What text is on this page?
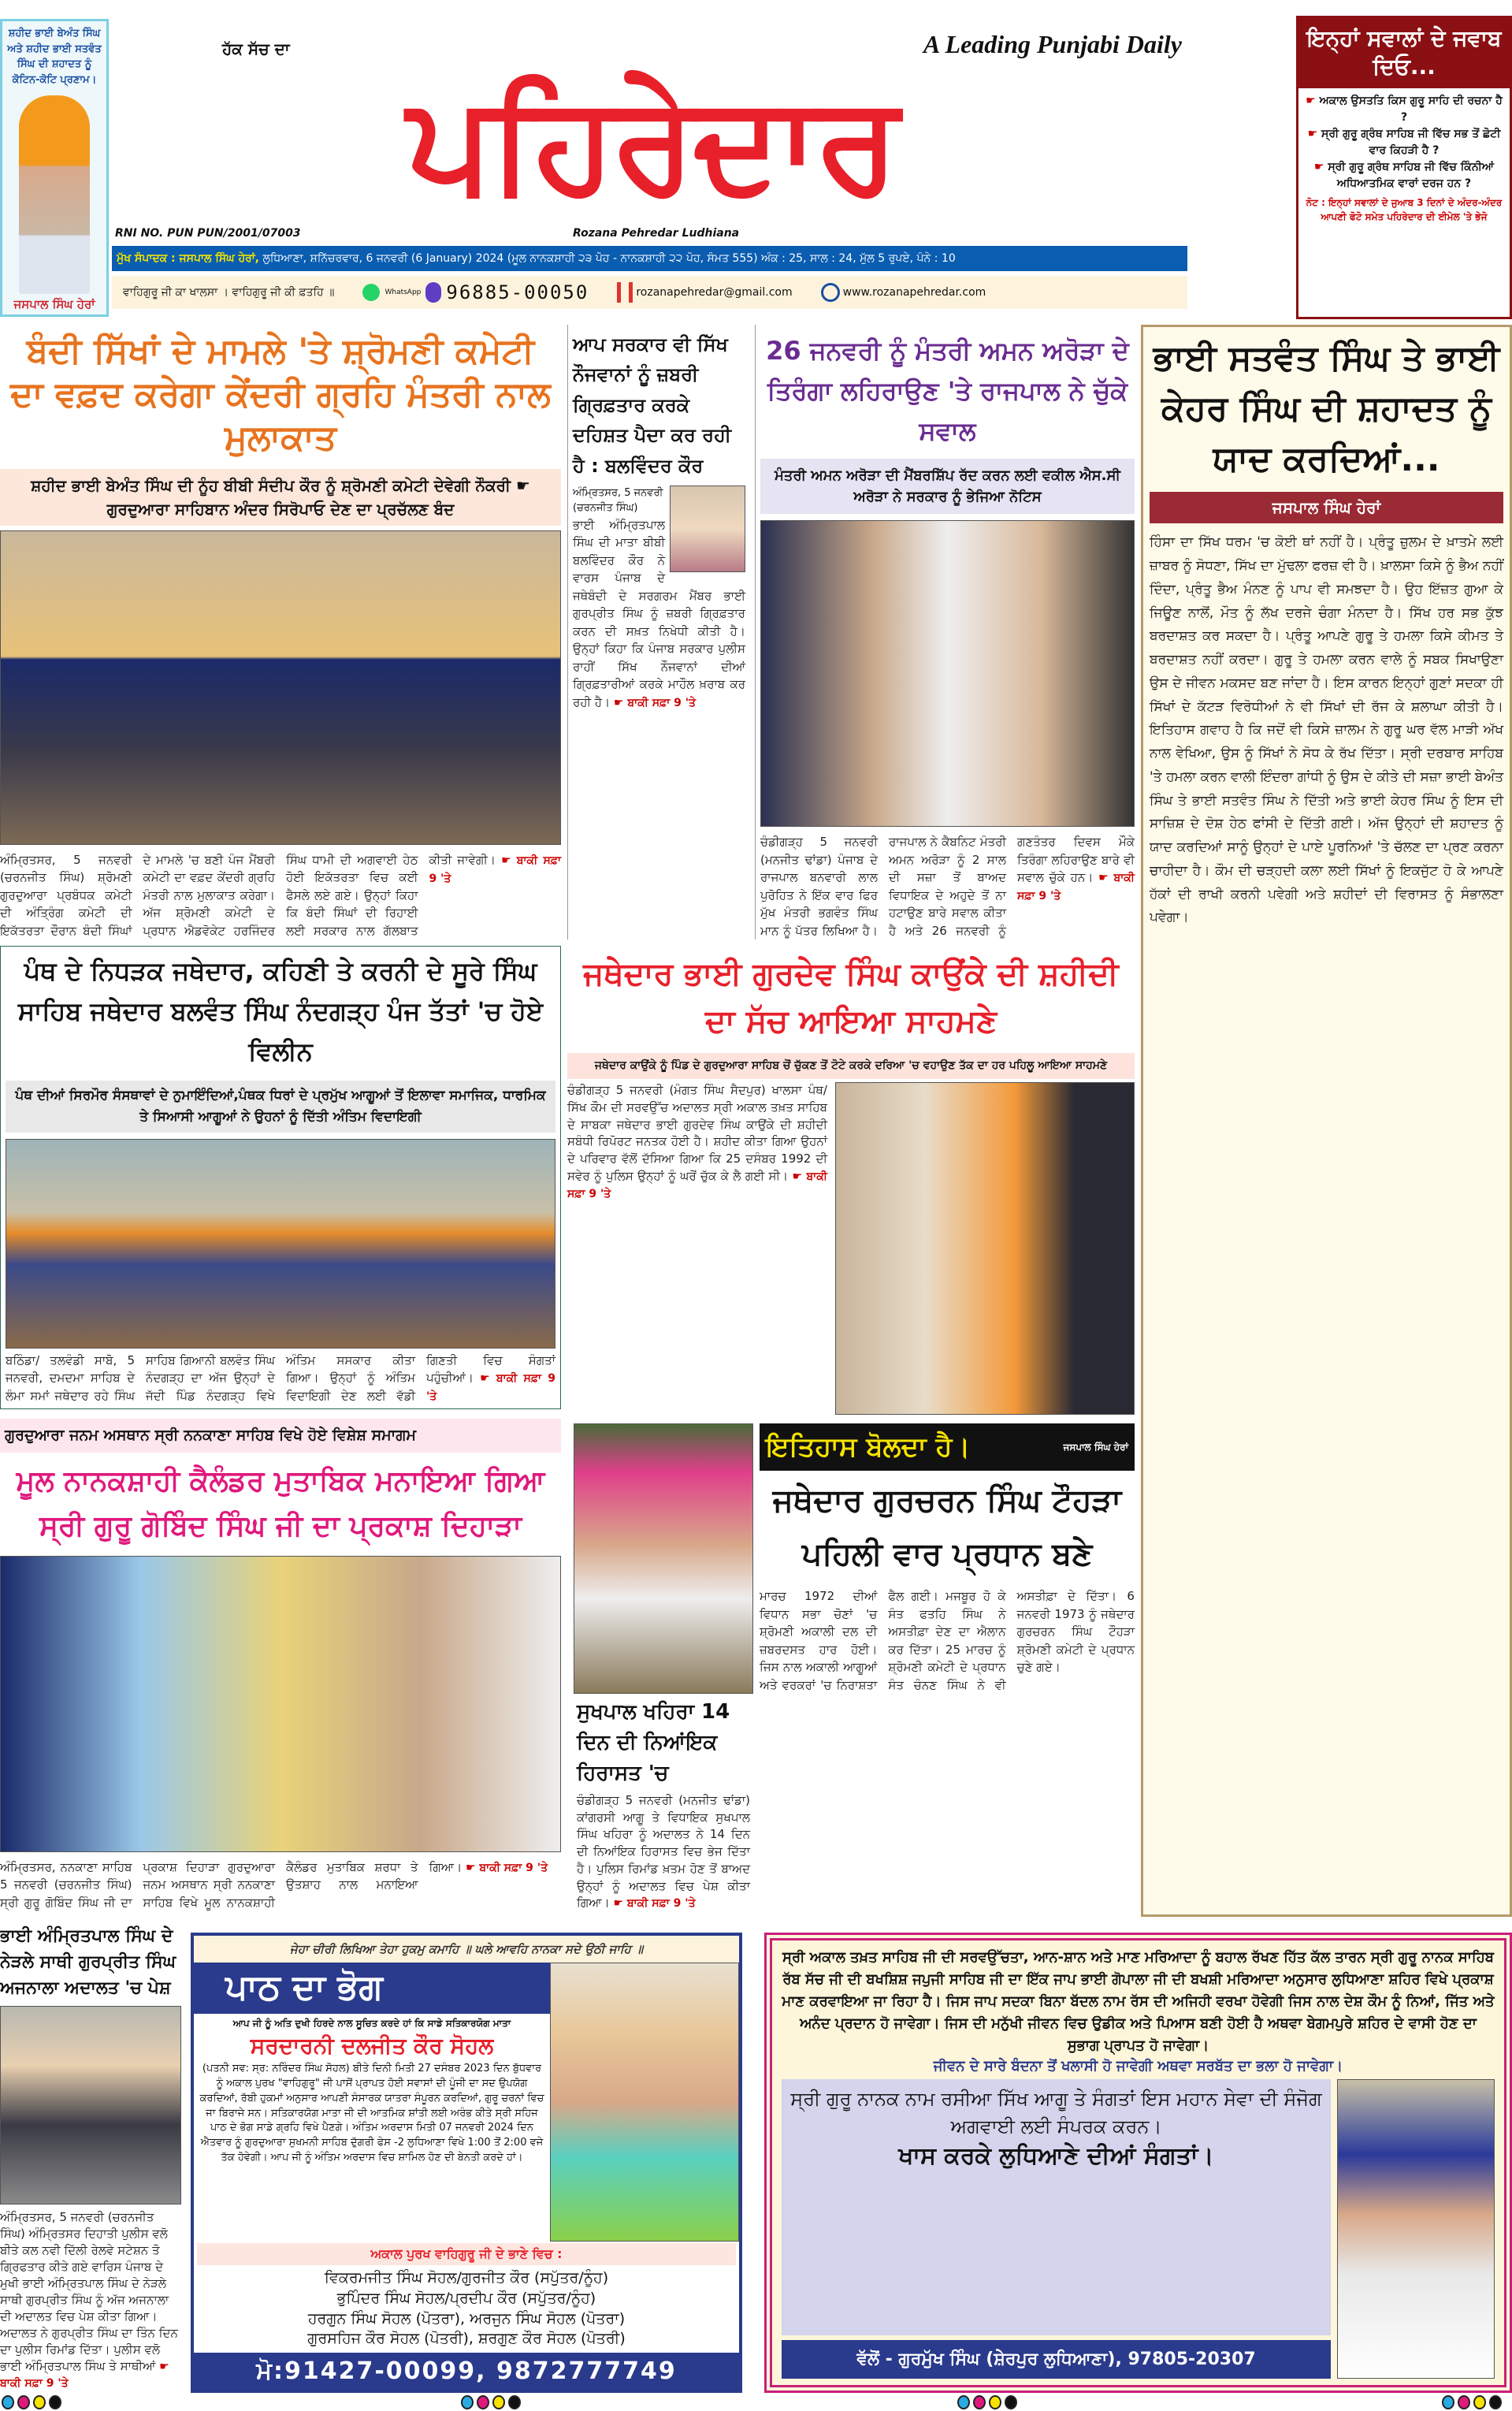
ਸ਼ਹੀਦ ਭਾਈ ਬੇਅੰਤ ਸਿੰਘ ਅਤੇ ਸ਼ਹੀਦ ਭਾਈ ਸਤਵੰਤ ਸਿੰਘ ਦੀ ਸ਼ਹਾਦਤ ਨੂੰ ਕੋਟਿਨ-ਕੋਟਿ ਪ੍ਰਣਾਮ।
ਜਸਪਾਲ ਸਿੰਘ ਹੇਰਾਂ
ਹੱਕ ਸੱਚ ਦਾ	A Leading Punjabi Daily
ਪਹਿਰੇਦਾਰ
RNI NO. PUN PUN/2001/07003	Rozana Pehredar Ludhiana
ਮੁੱਖ ਸੰਪਾਦਕ : ਜਸਪਾਲ ਸਿੰਘ ਹੇਰਾਂ, ਲੁਧਿਆਣਾ, ਸ਼ਨਿੱਚਰਵਾਰ, 6 ਜਨਵਰੀ (6 January) 2024 (ਮੂਲ ਨਾਨਕਸ਼ਾਹੀ ੨੩ ਪੋਹ - ਨਾਨਕਸ਼ਾਹੀ ੨੨ ਪੋਹ, ਸੰਮਤ 555) ਅੰਕ : 25, ਸਾਲ : 24, ਮੁੱਲ 5 ਰੁਪਏ, ਪੰਨੇ : 10
ਵਾਹਿਗੁਰੂ ਜੀ ਕਾ ਖਾਲਸਾ । ਵਾਹਿਗੁਰੂ ਜੀ ਕੀ ਫ਼ਤਹਿ ॥	WhatsApp 96885-00050	rozanapehredar@gmail.com	www.rozanapehredar.com
ਇਨ੍ਹਾਂ ਸਵਾਲਾਂ ਦੇ ਜਵਾਬ ਦਿਓ...
☛ ਅਕਾਲ ਉਸਤਤਿ ਕਿਸ ਗੁਰੂ ਸਾਹਿ ਦੀ ਰਚਨਾ ਹੈ ?
☛ ਸ੍ਰੀ ਗੁਰੂ ਗ੍ਰੰਥ ਸਾਹਿਬ ਜੀ ਵਿੱਚ ਸਭ ਤੋਂ ਛੋਟੀ ਵਾਰ ਕਿਹੜੀ ਹੈ ?
☛ ਸ੍ਰੀ ਗੁਰੂ ਗ੍ਰੰਥ ਸਾਹਿਬ ਜੀ ਵਿੱਚ ਕਿੰਨੀਆਂ ਅਧਿਆਤਮਿਕ ਵਾਰਾਂ ਦਰਜ ਹਨ ?
ਨੋਟ : ਇਨ੍ਹਾਂ ਸਵਾਲਾਂ ਦੇ ਜੁਆਬ 3 ਦਿਨਾਂ ਦੇ ਅੰਦਰ-ਅੰਦਰ ਆਪਣੀ ਫੋਟੋ ਸਮੇਤ ਪਹਿਰੇਦਾਰ ਦੀ ਈਮੇਲ 'ਤੇ ਭੇਜੋ
ਬੰਦੀ ਸਿੱਖਾਂ ਦੇ ਮਾਮਲੇ 'ਤੇ ਸ਼੍ਰੋਮਣੀ ਕਮੇਟੀ ਦਾ ਵਫ਼ਦ ਕਰੇਗਾ ਕੇਂਦਰੀ ਗ੍ਰਹਿ ਮੰਤਰੀ ਨਾਲ ਮੁਲਾਕਾਤ
ਸ਼ਹੀਦ ਭਾਈ ਬੇਅੰਤ ਸਿੰਘ ਦੀ ਨੂੰਹ ਬੀਬੀ ਸੰਦੀਪ ਕੌਰ ਨੂੰ ਸ਼੍ਰੋਮਣੀ ਕਮੇਟੀ ਦੇਵੇਗੀ ਨੌਕਰੀ ☛ ਗੁਰਦੁਆਰਾ ਸਾਹਿਬਾਨ ਅੰਦਰ ਸਿਰੋਪਾਓ ਦੇਣ ਦਾ ਪ੍ਰਚੱਲਣ ਬੰਦ
ਅੰਮ੍ਰਿਤਸਰ, 5 ਜਨਵਰੀ (ਚਰਨਜੀਤ ਸਿੰਘ) ਸ਼੍ਰੋਮਣੀ ਗੁਰਦੁਆਰਾ ਪ੍ਰਬੰਧਕ ਕਮੇਟੀ ਦੀ ਅੰਤ੍ਰਿੰਗ ਕਮੇਟੀ ਦੀ ਇਕੱਤਰਤਾ ਦੌਰਾਨ ਬੰਦੀ ਸਿੰਘਾਂ ਦੇ ਮਾਮਲੇ 'ਚ ਬਣੀ ਪੰਜ ਮੈਂਬਰੀ ਕਮੇਟੀ ਦਾ ਵਫ਼ਦ ਕੇਂਦਰੀ ਗ੍ਰਹਿ ਮੰਤਰੀ ਨਾਲ ਮੁਲਾਕਾਤ ਕਰੇਗਾ। ਅੱਜ ਸ਼੍ਰੋਮਣੀ ਕਮੇਟੀ ਦੇ ਪ੍ਰਧਾਨ ਐਡਵੋਕੇਟ ਹਰਜਿੰਦਰ ਸਿੰਘ ਧਾਮੀ ਦੀ ਅਗਵਾਈ ਹੇਠ ਹੋਈ ਇਕੱਤਰਤਾ ਵਿਚ ਕਈ ਫੈਸਲੇ ਲਏ ਗਏ। ਉਨ੍ਹਾਂ ਕਿਹਾ ਕਿ ਬੰਦੀ ਸਿੰਘਾਂ ਦੀ ਰਿਹਾਈ ਲਈ ਸਰਕਾਰ ਨਾਲ ਗੱਲਬਾਤ ਕੀਤੀ ਜਾਵੇਗੀ। ☛ ਬਾਕੀ ਸਫ਼ਾ 9 'ਤੇ
ਆਪ ਸਰਕਾਰ ਵੀ ਸਿੱਖ ਨੌਜਵਾਨਾਂ ਨੂੰ ਜ਼ਬਰੀ ਗ੍ਰਿਫ਼ਤਾਰ ਕਰਕੇ ਦਹਿਸ਼ਤ ਪੈਦਾ ਕਰ ਰਹੀ ਹੈ : ਬਲਵਿੰਦਰ ਕੌਰ
ਅੰਮ੍ਰਿਤਸਰ, 5 ਜਨਵਰੀ (ਚਰਨਜੀਤ ਸਿੰਘ)
ਭਾਈ ਅੰਮ੍ਰਿਤਪਾਲ ਸਿੰਘ ਦੀ ਮਾਤਾ ਬੀਬੀ ਬਲਵਿੰਦਰ ਕੌਰ ਨੇ ਵਾਰਸ ਪੰਜਾਬ ਦੇ ਜਥੇਬੰਦੀ ਦੇ ਸਰਗਰਮ ਮੈਂਬਰ ਭਾਈ ਗੁਰਪ੍ਰੀਤ ਸਿੰਘ ਨੂੰ ਜ਼ਬਰੀ ਗ੍ਰਿਫ਼ਤਾਰ ਕਰਨ ਦੀ ਸਖ਼ਤ ਨਿਖੇਧੀ ਕੀਤੀ ਹੈ। ਉਨ੍ਹਾਂ ਕਿਹਾ ਕਿ ਪੰਜਾਬ ਸਰਕਾਰ ਪੁਲੀਸ ਰਾਹੀਂ ਸਿੱਖ ਨੌਜਵਾਨਾਂ ਦੀਆਂ ਗ੍ਰਿਫ਼ਤਾਰੀਆਂ ਕਰਕੇ ਮਾਹੌਲ ਖ਼ਰਾਬ ਕਰ ਰਹੀ ਹੈ। ☛ ਬਾਕੀ ਸਫ਼ਾ 9 'ਤੇ
26 ਜਨਵਰੀ ਨੂੰ ਮੰਤਰੀ ਅਮਨ ਅਰੋੜਾ ਦੇ ਤਿਰੰਗਾ ਲਹਿਰਾਉਣ 'ਤੇ ਰਾਜਪਾਲ ਨੇ ਚੁੱਕੇ ਸਵਾਲ
ਮੰਤਰੀ ਅਮਨ ਅਰੋੜਾ ਦੀ ਮੈਂਬਰਸ਼ਿੱਪ ਰੱਦ ਕਰਨ ਲਈ ਵਕੀਲ ਐਸ.ਸੀ ਅਰੋੜਾ ਨੇ ਸਰਕਾਰ ਨੂੰ ਭੇਜਿਆ ਨੋਟਿਸ
ਚੰਡੀਗੜ੍ਹ 5 ਜਨਵਰੀ (ਮਨਜੀਤ ਢਾਂਡਾ) ਪੰਜਾਬ ਦੇ ਰਾਜਪਾਲ ਬਨਵਾਰੀ ਲਾਲ ਪੁਰੋਹਿਤ ਨੇ ਇੱਕ ਵਾਰ ਫਿਰ ਮੁੱਖ ਮੰਤਰੀ ਭਗਵੰਤ ਸਿੰਘ ਮਾਨ ਨੂੰ ਪੱਤਰ ਲਿਖਿਆ ਹੈ। ਰਾਜਪਾਲ ਨੇ ਕੈਬਨਿਟ ਮੰਤਰੀ ਅਮਨ ਅਰੋੜਾ ਨੂੰ 2 ਸਾਲ ਦੀ ਸਜ਼ਾ ਤੋਂ ਬਾਅਦ ਵਿਧਾਇਕ ਦੇ ਅਹੁਦੇ ਤੋਂ ਨਾ ਹਟਾਉਣ ਬਾਰੇ ਸਵਾਲ ਕੀਤਾ ਹੈ ਅਤੇ 26 ਜਨਵਰੀ ਨੂੰ ਗਣਤੰਤਰ ਦਿਵਸ ਮੌਕੇ ਤਿਰੰਗਾ ਲਹਿਰਾਉਣ ਬਾਰੇ ਵੀ ਸਵਾਲ ਚੁੱਕੇ ਹਨ। ☛ ਬਾਕੀ ਸਫ਼ਾ 9 'ਤੇ
ਭਾਈ ਸਤਵੰਤ ਸਿੰਘ ਤੇ ਭਾਈ ਕੇਹਰ ਸਿੰਘ ਦੀ ਸ਼ਹਾਦਤ ਨੂੰ ਯਾਦ ਕਰਦਿਆਂ...
ਜਸਪਾਲ ਸਿੰਘ ਹੇਰਾਂ
ਹਿੰਸਾ ਦਾ ਸਿੱਖ ਧਰਮ 'ਚ ਕੋਈ ਥਾਂ ਨਹੀਂ ਹੈ। ਪ੍ਰੰਤੂ ਜ਼ੁਲਮ ਦੇ ਖ਼ਾਤਮੇ ਲਈ ਜ਼ਾਬਰ ਨੂੰ ਸੋਧਣਾ, ਸਿੱਖ ਦਾ ਮੁੱਢਲਾ ਫਰਜ਼ ਵੀ ਹੈ। ਖ਼ਾਲਸਾ ਕਿਸੇ ਨੂੰ ਭੈਅ ਨਹੀਂ ਦਿੰਦਾ, ਪ੍ਰੰਤੂ ਭੈਅ ਮੰਨਣ ਨੂੰ ਪਾਪ ਵੀ ਸਮਝਦਾ ਹੈ। ਉਹ ਇੱਜ਼ਤ ਗੁਆ ਕੇ ਜਿਊਣ ਨਾਲੋਂ, ਮੌਤ ਨੂੰ ਲੱਖ ਦਰਜੇ ਚੰਗਾ ਮੰਨਦਾ ਹੈ। ਸਿੱਖ ਹਰ ਸਭ ਕੁੱਝ ਬਰਦਾਸ਼ਤ ਕਰ ਸਕਦਾ ਹੈ। ਪ੍ਰੰਤੂ ਆਪਣੇ ਗੁਰੂ ਤੇ ਹਮਲਾ ਕਿਸੇ ਕੀਮਤ ਤੇ ਬਰਦਾਸ਼ਤ ਨਹੀਂ ਕਰਦਾ। ਗੁਰੂ ਤੇ ਹਮਲਾ ਕਰਨ ਵਾਲੇ ਨੂੰ ਸਬਕ ਸਿਖਾਉਣਾ ਉਸ ਦੇ ਜੀਵਨ ਮਕਸਦ ਬਣ ਜਾਂਦਾ ਹੈ। ਇਸ ਕਾਰਨ ਇਨ੍ਹਾਂ ਗੁਣਾਂ ਸਦਕਾ ਹੀ ਸਿੱਖਾਂ ਦੇ ਕੱਟੜ ਵਿਰੋਧੀਆਂ ਨੇ ਵੀ ਸਿੱਖਾਂ ਦੀ ਰੱਜ ਕੇ ਸ਼ਲਾਘਾ ਕੀਤੀ ਹੈ। ਇਤਿਹਾਸ ਗਵਾਹ ਹੈ ਕਿ ਜਦੋਂ ਵੀ ਕਿਸੇ ਜ਼ਾਲਮ ਨੇ ਗੁਰੂ ਘਰ ਵੱਲ ਮਾੜੀ ਅੱਖ ਨਾਲ ਵੇਖਿਆ, ਉਸ ਨੂੰ ਸਿੱਖਾਂ ਨੇ ਸੋਧ ਕੇ ਰੱਖ ਦਿੱਤਾ। ਸ੍ਰੀ ਦਰਬਾਰ ਸਾਹਿਬ 'ਤੇ ਹਮਲਾ ਕਰਨ ਵਾਲੀ ਇੰਦਰਾ ਗਾਂਧੀ ਨੂੰ ਉਸ ਦੇ ਕੀਤੇ ਦੀ ਸਜ਼ਾ ਭਾਈ ਬੇਅੰਤ ਸਿੰਘ ਤੇ ਭਾਈ ਸਤਵੰਤ ਸਿੰਘ ਨੇ ਦਿੱਤੀ ਅਤੇ ਭਾਈ ਕੇਹਰ ਸਿੰਘ ਨੂੰ ਇਸ ਦੀ ਸਾਜ਼ਿਸ਼ ਦੇ ਦੋਸ਼ ਹੇਠ ਫਾਂਸੀ ਦੇ ਦਿੱਤੀ ਗਈ। ਅੱਜ ਉਨ੍ਹਾਂ ਦੀ ਸ਼ਹਾਦਤ ਨੂੰ ਯਾਦ ਕਰਦਿਆਂ ਸਾਨੂੰ ਉਨ੍ਹਾਂ ਦੇ ਪਾਏ ਪੂਰਨਿਆਂ 'ਤੇ ਚੱਲਣ ਦਾ ਪ੍ਰਣ ਕਰਨਾ ਚਾਹੀਦਾ ਹੈ। ਕੌਮ ਦੀ ਚੜ੍ਹਦੀ ਕਲਾ ਲਈ ਸਿੱਖਾਂ ਨੂੰ ਇਕਜੁੱਟ ਹੋ ਕੇ ਆਪਣੇ ਹੱਕਾਂ ਦੀ ਰਾਖੀ ਕਰਨੀ ਪਵੇਗੀ ਅਤੇ ਸ਼ਹੀਦਾਂ ਦੀ ਵਿਰਾਸਤ ਨੂੰ ਸੰਭਾਲਣਾ ਪਵੇਗਾ।
ਪੰਥ ਦੇ ਨਿਧੜਕ ਜਥੇਦਾਰ, ਕਹਿਣੀ ਤੇ ਕਰਨੀ ਦੇ ਸੂਰੇ ਸਿੰਘ ਸਾਹਿਬ ਜਥੇਦਾਰ ਬਲਵੰਤ ਸਿੰਘ ਨੰਦਗੜ੍ਹ ਪੰਜ ਤੱਤਾਂ 'ਚ ਹੋਏ ਵਿਲੀਨ
ਪੰਥ ਦੀਆਂ ਸਿਰਮੌਰ ਸੰਸਥਾਵਾਂ ਦੇ ਨੁਮਾਇੰਦਿਆਂ,ਪੰਥਕ ਧਿਰਾਂ ਦੇ ਪ੍ਰਮੁੱਖ ਆਗੂਆਂ ਤੋਂ ਇਲਾਵਾ ਸਮਾਜਿਕ, ਧਾਰਮਿਕ ਤੇ ਸਿਆਸੀ ਆਗੂਆਂ ਨੇ ਉਹਨਾਂ ਨੂੰ ਦਿੱਤੀ ਅੰਤਿਮ ਵਿਦਾਇਗੀ
ਬਠਿੰਡਾ/ ਤਲਵੰਡੀ ਸਾਬੋ, 5 ਜਨਵਰੀ, ਦਮਦਮਾ ਸਾਹਿਬ ਦੇ ਲੰਮਾ ਸਮਾਂ ਜਥੇਦਾਰ ਰਹੇ ਸਿੰਘ ਸਾਹਿਬ ਗਿਆਨੀ ਬਲਵੰਤ ਸਿੰਘ ਨੰਦਗੜ੍ਹ ਦਾ ਅੱਜ ਉਨ੍ਹਾਂ ਦੇ ਜੱਦੀ ਪਿੰਡ ਨੰਦਗੜ੍ਹ ਵਿਖੇ ਅੰਤਿਮ ਸਸਕਾਰ ਕੀਤਾ ਗਿਆ। ਉਨ੍ਹਾਂ ਨੂੰ ਅੰਤਿਮ ਵਿਦਾਇਗੀ ਦੇਣ ਲਈ ਵੱਡੀ ਗਿਣਤੀ ਵਿਚ ਸੰਗਤਾਂ ਪਹੁੰਚੀਆਂ। ☛ ਬਾਕੀ ਸਫ਼ਾ 9 'ਤੇ
ਜਥੇਦਾਰ ਭਾਈ ਗੁਰਦੇਵ ਸਿੰਘ ਕਾਉਂਕੇ ਦੀ ਸ਼ਹੀਦੀ ਦਾ ਸੱਚ ਆਇਆ ਸਾਹਮਣੇ
ਜਥੇਦਾਰ ਕਾਉਂਕੇ ਨੂੰ ਪਿੰਡ ਦੇ ਗੁਰਦੁਆਰਾ ਸਾਹਿਬ ਚੋਂ ਚੁੱਕਣ ਤੋਂ ਟੋਟੇ ਕਰਕੇ ਦਰਿਆ 'ਚ ਵਹਾਉਣ ਤੱਕ ਦਾ ਹਰ ਪਹਿਲੂ ਆਇਆ ਸਾਹਮਣੇ
ਚੰਡੀਗੜ੍ਹ 5 ਜਨਵਰੀ (ਮੰਗਤ ਸਿੰਘ ਸੈਦਪੁਰ) ਖਾਲਸਾ ਪੰਥ/ਸਿੱਖ ਕੌਮ ਦੀ ਸਰਵਉੱਚ ਅਦਾਲਤ ਸ੍ਰੀ ਅਕਾਲ ਤਖ਼ਤ ਸਾਹਿਬ ਦੇ ਸਾਬਕਾ ਜਥੇਦਾਰ ਭਾਈ ਗੁਰਦੇਵ ਸਿੰਘ ਕਾਉਂਕੇ ਦੀ ਸ਼ਹੀਦੀ ਸਬੰਧੀ ਰਿਪੋਰਟ ਜਨਤਕ ਹੋਈ ਹੈ। ਸ਼ਹੀਦ ਕੀਤਾ ਗਿਆ ਉਹਨਾਂ ਦੇ ਪਰਿਵਾਰ ਵੱਲੋਂ ਦੱਸਿਆ ਗਿਆ ਕਿ 25 ਦਸੰਬਰ 1992 ਦੀ ਸਵੇਰ ਨੂੰ ਪੁਲਿਸ ਉਨ੍ਹਾਂ ਨੂੰ ਘਰੋਂ ਚੁੱਕ ਕੇ ਲੈ ਗਈ ਸੀ। ☛ ਬਾਕੀ ਸਫ਼ਾ 9 'ਤੇ
ਗੁਰਦੁਆਰਾ ਜਨਮ ਅਸਥਾਨ ਸ੍ਰੀ ਨਨਕਾਣਾ ਸਾਹਿਬ ਵਿਖੇ ਹੋਏ ਵਿਸ਼ੇਸ਼ ਸਮਾਗਮ
ਮੂਲ ਨਾਨਕਸ਼ਾਹੀ ਕੈਲੰਡਰ ਮੁਤਾਬਿਕ ਮਨਾਇਆ ਗਿਆ ਸ੍ਰੀ ਗੁਰੂ ਗੋਬਿੰਦ ਸਿੰਘ ਜੀ ਦਾ ਪ੍ਰਕਾਸ਼ ਦਿਹਾੜਾ
ਅੰਮ੍ਰਿਤਸਰ, ਨਨਕਾਣਾ ਸਾਹਿਬ 5 ਜਨਵਰੀ (ਚਰਨਜੀਤ ਸਿੰਘ) ਸ੍ਰੀ ਗੁਰੂ ਗੋਬਿੰਦ ਸਿੰਘ ਜੀ ਦਾ ਪ੍ਰਕਾਸ਼ ਦਿਹਾੜਾ ਗੁਰਦੁਆਰਾ ਜਨਮ ਅਸਥਾਨ ਸ੍ਰੀ ਨਨਕਾਣਾ ਸਾਹਿਬ ਵਿਖੇ ਮੂਲ ਨਾਨਕਸ਼ਾਹੀ ਕੈਲੰਡਰ ਮੁਤਾਬਿਕ ਸ਼ਰਧਾ ਤੇ ਉਤਸ਼ਾਹ ਨਾਲ ਮਨਾਇਆ ਗਿਆ। ☛ ਬਾਕੀ ਸਫ਼ਾ 9 'ਤੇ
ਸੁਖਪਾਲ ਖਹਿਰਾ 14 ਦਿਨ ਦੀ ਨਿਆਂਇਕ ਹਿਰਾਸਤ 'ਚ
ਚੰਡੀਗੜ੍ਹ 5 ਜਨਵਰੀ (ਮਨਜੀਤ ਢਾਂਡਾ) ਕਾਂਗਰਸੀ ਆਗੂ ਤੇ ਵਿਧਾਇਕ ਸੁਖਪਾਲ ਸਿੰਘ ਖਹਿਰਾ ਨੂੰ ਅਦਾਲਤ ਨੇ 14 ਦਿਨ ਦੀ ਨਿਆਂਇਕ ਹਿਰਾਸਤ ਵਿਚ ਭੇਜ ਦਿੱਤਾ ਹੈ। ਪੁਲਿਸ ਰਿਮਾਂਡ ਖ਼ਤਮ ਹੋਣ ਤੋਂ ਬਾਅਦ ਉਨ੍ਹਾਂ ਨੂੰ ਅਦਾਲਤ ਵਿਚ ਪੇਸ਼ ਕੀਤਾ ਗਿਆ। ☛ ਬਾਕੀ ਸਫ਼ਾ 9 'ਤੇ
ਇਤਿਹਾਸ ਬੋਲਦਾ ਹੈ।	ਜਸਪਾਲ ਸਿੰਘ ਹੇਰਾਂ
ਜਥੇਦਾਰ ਗੁਰਚਰਨ ਸਿੰਘ ਟੌਹੜਾ ਪਹਿਲੀ ਵਾਰ ਪ੍ਰਧਾਨ ਬਣੇ
ਮਾਰਚ 1972 ਦੀਆਂ ਵਿਧਾਨ ਸਭਾ ਚੋਣਾਂ 'ਚ ਸ਼੍ਰੋਮਣੀ ਅਕਾਲੀ ਦਲ ਦੀ ਜ਼ਬਰਦਸਤ ਹਾਰ ਹੋਈ। ਜਿਸ ਨਾਲ ਅਕਾਲੀ ਆਗੂਆਂ ਅਤੇ ਵਰਕਰਾਂ 'ਚ ਨਿਰਾਸ਼ਤਾ ਫੈਲ ਗਈ। ਮਜਬੂਰ ਹੋ ਕੇ ਸੰਤ ਫਤਹਿ ਸਿੰਘ ਨੇ ਅਸਤੀਫ਼ਾ ਦੇਣ ਦਾ ਐਲਾਨ ਕਰ ਦਿੱਤਾ। 25 ਮਾਰਚ ਨੂੰ ਸ਼੍ਰੋਮਣੀ ਕਮੇਟੀ ਦੇ ਪ੍ਰਧਾਨ ਸੰਤ ਚੰਨਣ ਸਿੰਘ ਨੇ ਵੀ ਅਸਤੀਫ਼ਾ ਦੇ ਦਿੱਤਾ। 6 ਜਨਵਰੀ 1973 ਨੂੰ ਜਥੇਦਾਰ ਗੁਰਚਰਨ ਸਿੰਘ ਟੌਹੜਾ ਸ਼੍ਰੋਮਣੀ ਕਮੇਟੀ ਦੇ ਪ੍ਰਧਾਨ ਚੁਣੇ ਗਏ।
ਭਾਈ ਅੰਮ੍ਰਿਤਪਾਲ ਸਿੰਘ ਦੇ ਨੇੜਲੇ ਸਾਥੀ ਗੁਰਪ੍ਰੀਤ ਸਿੰਘ ਅਜਨਾਲਾ ਅਦਾਲਤ 'ਚ ਪੇਸ਼
ਅੰਮ੍ਰਿਤਸਰ, 5 ਜਨਵਰੀ (ਚਰਨਜੀਤ ਸਿੰਘ) ਅੰਮ੍ਰਿਤਸਰ ਦਿਹਾਤੀ ਪੁਲੀਸ ਵਲੋ ਬੀਤੇ ਕਲ ਨਵੀ ਦਿੱਲੀ ਰੇਲਵੇ ਸਟੇਸ਼ਨ ਤੋ ਗ੍ਰਿਫਤਾਰ ਕੀਤੇ ਗਏ ਵਾਰਿਸ ਪੰਜਾਬ ਦੇ ਮੁਖੀ ਭਾਈ ਅੰਮ੍ਰਿਤਪਾਲ ਸਿੰਘ ਦੇ ਨੇੜਲੇ ਸਾਥੀ ਗੁਰਪ੍ਰੀਤ ਸਿੰਘ ਨੂੰ ਅੱਜ ਅਜਨਾਲਾ ਦੀ ਅਦਾਲਤ ਵਿਚ ਪੇਸ਼ ਕੀਤਾ ਗਿਆ। ਅਦਾਲਤ ਨੇ ਗੁਰਪ੍ਰੀਤ ਸਿੰਘ ਦਾ ਤਿੰਨ ਦਿਨ ਦਾ ਪੁਲੀਸ ਰਿਮਾਂਡ ਦਿੱਤਾ। ਪੁਲੀਸ ਵਲੋ ਭਾਈ ਅੰਮ੍ਰਿਤਪਾਲ ਸਿੰਘ ਤੇ ਸਾਥੀਆਂ ☛ ਬਾਕੀ ਸਫ਼ਾ 9 'ਤੇ
ਜੇਹਾ ਚੀਰੀ ਲਿਖਿਆ ਤੇਹਾ ਹੁਕਮੁ ਕਮਾਹਿ ॥ ਘਲੇ ਆਵਹਿ ਨਾਨਕਾ ਸਦੇ ਉਠੀ ਜਾਹਿ ॥
ਪਾਠ ਦਾ ਭੋਗ
ਆਪ ਜੀ ਨੂੰ ਅਤਿ ਦੁਖੀ ਹਿਰਦੇ ਨਾਲ ਸੂਚਿਤ ਕਰਦੇ ਹਾਂ ਕਿ ਸਾਡੇ ਸਤਿਕਾਰਯੋਗ ਮਾਤਾ
ਸਰਦਾਰਨੀ ਦਲਜੀਤ ਕੌਰ ਸੋਹਲ
(ਪਤਨੀ ਸਵ: ਸ੍ਰ: ਨਰਿੰਦਰ ਸਿੰਘ ਸੋਹਲ) ਬੀਤੇ ਦਿਨੀ ਮਿਤੀ 27 ਦਸੰਬਰ 2023 ਦਿਨ ਬੁੱਧਵਾਰ ਨੂੰ ਅਕਾਲ ਪੁਰਖ "ਵਾਹਿਗੁਰੂ" ਜੀ ਪਾਸੋਂ ਪ੍ਰਾਪਤ ਹੋਈ ਸਵਾਸਾਂ ਦੀ ਪੂੰਜੀ ਦਾ ਸਦ ਉਪਯੋਗ ਕਰਦਿਆਂ, ਰੱਬੀ ਹੁਕਮਾਂ ਅਨੁਸਾਰ ਆਪਣੀ ਸੰਸਾਰਕ ਯਾਤਰਾ ਸੰਪੂਰਨ ਕਰਦਿਆਂ, ਗੁਰੂ ਚਰਨਾਂ ਵਿਚ ਜਾ ਬਿਰਾਜੇ ਸਨ। ਸਤਿਕਾਰਯੋਗ ਮਾਤਾ ਜੀ ਦੀ ਆਤਮਿਕ ਸ਼ਾਂਤੀ ਲਈ ਅਰੰਭ ਕੀਤੇ ਸ੍ਰੀ ਸਹਿਜ ਪਾਠ ਦੇ ਭੋਗ ਸਾਡੇ ਗ੍ਰਹਿ ਵਿਖੇ ਪੈਣਗੇ। ਅੰਤਿਮ ਅਰਦਾਸ ਮਿਤੀ 07 ਜਨਵਰੀ 2024 ਦਿਨ ਐਤਵਾਰ ਨੂੰ ਗੁਰਦੁਆਰਾ ਸੁਖਮਨੀ ਸਾਹਿਬ ਦੁੱਗਰੀ ਫੇਸ -2 ਲੁਧਿਆਣਾ ਵਿਖੇ 1:00 ਤੋਂ 2:00 ਵਜੇ ਤੱਕ ਹੋਵੇਗੀ। ਆਪ ਜੀ ਨੂੰ ਅੰਤਿਮ ਅਰਦਾਸ ਵਿਚ ਸ਼ਾਮਿਲ ਹੋਣ ਦੀ ਬੇਨਤੀ ਕਰਦੇ ਹਾਂ।
ਅਕਾਲ ਪੁਰਖ ਵਾਹਿਗੁਰੂ ਜੀ ਦੇ ਭਾਣੇ ਵਿਚ :
ਵਿਕਰਮਜੀਤ ਸਿੰਘ ਸੋਹਲ/ਗੁਰਜੀਤ ਕੌਰ (ਸਪੁੱਤਰ/ਨੂੰਹ)
ਭੁਪਿੰਦਰ ਸਿੰਘ ਸੋਹਲ/ਪ੍ਰਦੀਪ ਕੌਰ (ਸਪੁੱਤਰ/ਨੂੰਹ)
ਹਰਗੁਨ ਸਿੰਘ ਸੋਹਲ (ਪੋਤਰਾ), ਅਰਜੁਨ ਸਿੰਘ ਸੋਹਲ (ਪੋਤਰਾ)
ਗੁਰਸਹਿਜ ਕੌਰ ਸੋਹਲ (ਪੋਤਰੀ), ਸ਼ਰਗੁਣ ਕੌਰ ਸੋਹਲ (ਪੋਤਰੀ)
ਮੋ:91427-00099, 9872777749
ਸ੍ਰੀ ਅਕਾਲ ਤਖ਼ਤ ਸਾਹਿਬ ਜੀ ਦੀ ਸਰਵਉੱਚਤਾ, ਆਨ-ਸ਼ਾਨ ਅਤੇ ਮਾਣ ਮਰਿਆਦਾ ਨੂੰ ਬਹਾਲ ਰੱਖਣ ਹਿੱਤ ਕੱਲ ਤਾਰਨ ਸ੍ਰੀ ਗੁਰੂ ਨਾਨਕ ਸਾਹਿਬ ਰੱਬ ਸੱਚ ਜੀ ਦੀ ਬਖਸ਼ਿਸ਼ ਜਪੁਜੀ ਸਾਹਿਬ ਜੀ ਦਾ ਇੱਕ ਜਾਪ ਭਾਈ ਗੋਪਾਲਾ ਜੀ ਦੀ ਬਖਸ਼ੀ ਮਰਿਆਦਾ ਅਨੁਸਾਰ ਲੁਧਿਆਣਾ ਸ਼ਹਿਰ ਵਿਖੇ ਪ੍ਰਕਾਸ਼ ਮਾਣ ਕਰਵਾਇਆ ਜਾ ਰਿਹਾ ਹੈ। ਜਿਸ ਜਾਪ ਸਦਕਾ ਬਿਨਾ ਬੱਦਲ ਨਾਮ ਰੱਸ ਦੀ ਅਜਿਹੀ ਵਰਖਾ ਹੋਵੇਗੀ ਜਿਸ ਨਾਲ ਦੇਸ਼ ਕੌਮ ਨੂੰ ਨਿਆਂ, ਜਿੱਤ ਅਤੇ ਅਨੰਦ ਪ੍ਰਦਾਨ ਹੋ ਜਾਵੇਗਾ। ਜਿਸ ਦੀ ਮਨੁੱਖੀ ਜੀਵਨ ਵਿਚ ਉਡੀਕ ਅਤੇ ਪਿਆਸ ਬਣੀ ਹੋਈ ਹੈ ਅਥਵਾ ਬੇਗਮਪੁਰੇ ਸ਼ਹਿਰ ਦੇ ਵਾਸੀ ਹੋਣ ਦਾ ਸੁਭਾਗ ਪ੍ਰਾਪਤ ਹੋ ਜਾਵੇਗਾ।
ਜੀਵਨ ਦੇ ਸਾਰੇ ਬੰਦਨਾ ਤੋਂ ਖਲਾਸੀ ਹੋ ਜਾਵੇਗੀ ਅਥਵਾ ਸਰਬੱਤ ਦਾ ਭਲਾ ਹੋ ਜਾਵੇਗਾ।
ਸ੍ਰੀ ਗੁਰੂ ਨਾਨਕ ਨਾਮ ਰਸੀਆ ਸਿੱਖ ਆਗੂ ਤੇ ਸੰਗਤਾਂ ਇਸ ਮਹਾਨ ਸੇਵਾ ਦੀ ਸੰਜੋਗ ਅਗਵਾਈ ਲਈ ਸੰਪਰਕ ਕਰਨ।
ਖਾਸ ਕਰਕੇ ਲੁਧਿਆਣੇ ਦੀਆਂ ਸੰਗਤਾਂ।
ਵੱਲੋਂ - ਗੁਰਮੁੱਖ ਸਿੰਘ (ਸ਼ੇਰਪੁਰ ਲੁਧਿਆਣਾ), 97805-20307
